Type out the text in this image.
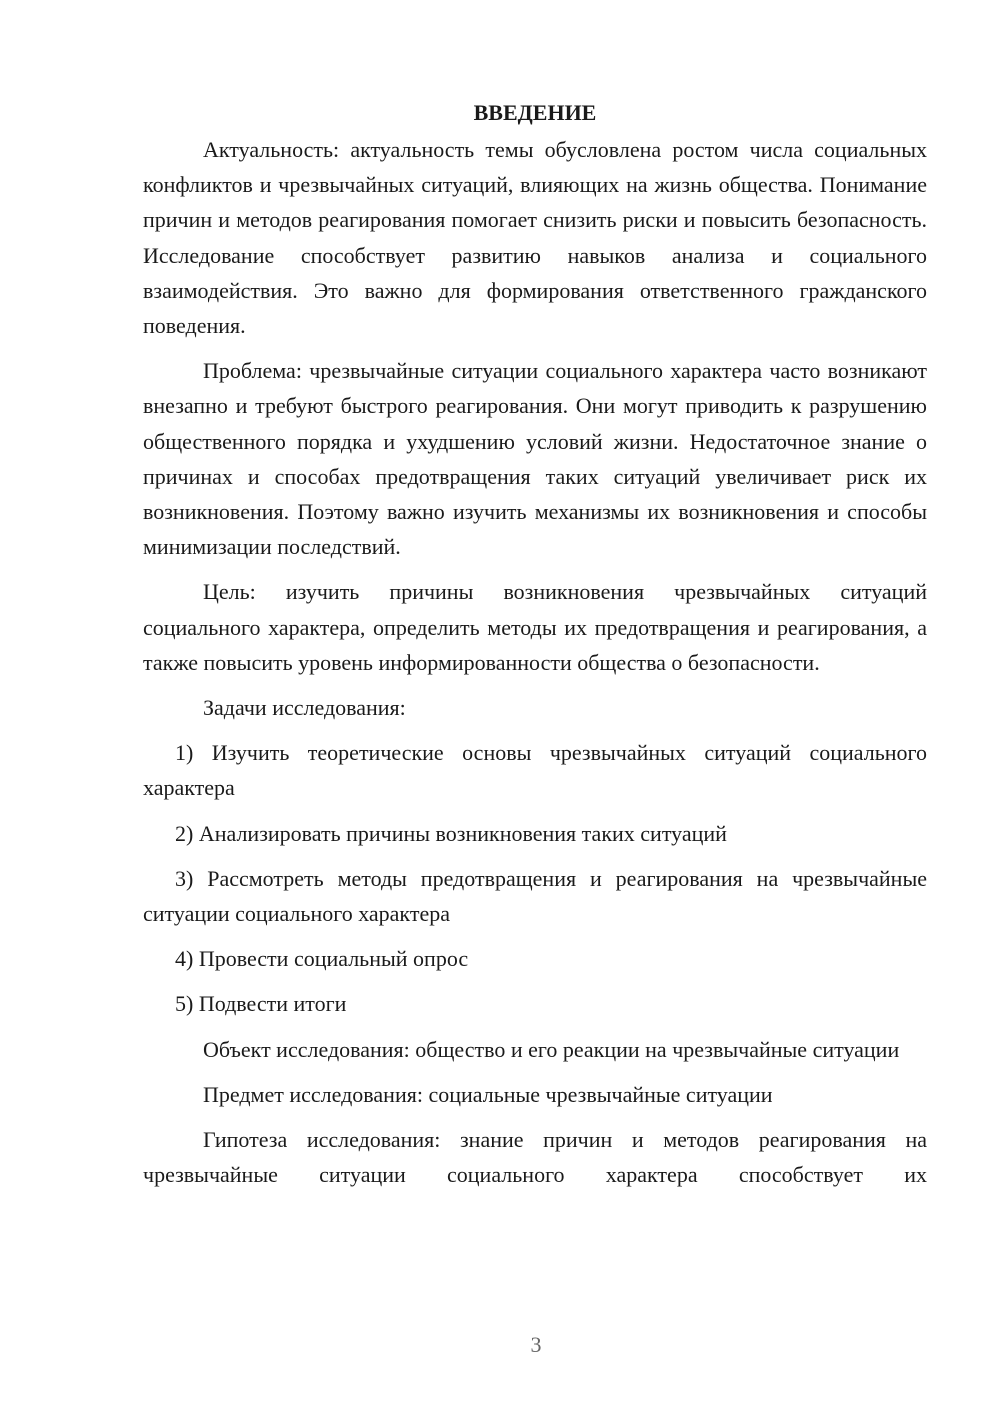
ВВЕДЕНИЕ

Актуальность: актуальность темы обусловлена ростом числа социальных конфликтов и чрезвычайных ситуаций, влияющих на жизнь общества. Понимание причин и методов реагирования помогает снизить риски и повысить безопасность. Исследование способствует развитию навыков анализа и социального взаимодействия. Это важно для формирования ответственного гражданского поведения.

Проблема: чрезвычайные ситуации социального характера часто возникают внезапно и требуют быстрого реагирования. Они могут приводить к разрушению общественного порядка и ухудшению условий жизни. Недостаточное знание о причинах и способах предотвращения таких ситуаций увеличивает риск их возникновения. Поэтому важно изучить механизмы их возникновения и способы минимизации последствий.

Цель: изучить причины возникновения чрезвычайных ситуаций социального характера, определить методы их предотвращения и реагирования, а также повысить уровень информированности общества о безопасности.

Задачи исследования:

1) Изучить теоретические основы чрезвычайных ситуаций социального характера

2) Анализировать причины возникновения таких ситуаций

3) Рассмотреть методы предотвращения и реагирования на чрезвычайные ситуации социального характера

4) Провести социальный опрос

5) Подвести итоги

Объект исследования: общество и его реакции на чрезвычайные ситуации

Предмет исследования: социальные чрезвычайные ситуации

Гипотеза исследования: знание причин и методов реагирования на чрезвычайные ситуации социального характера способствует их

3
